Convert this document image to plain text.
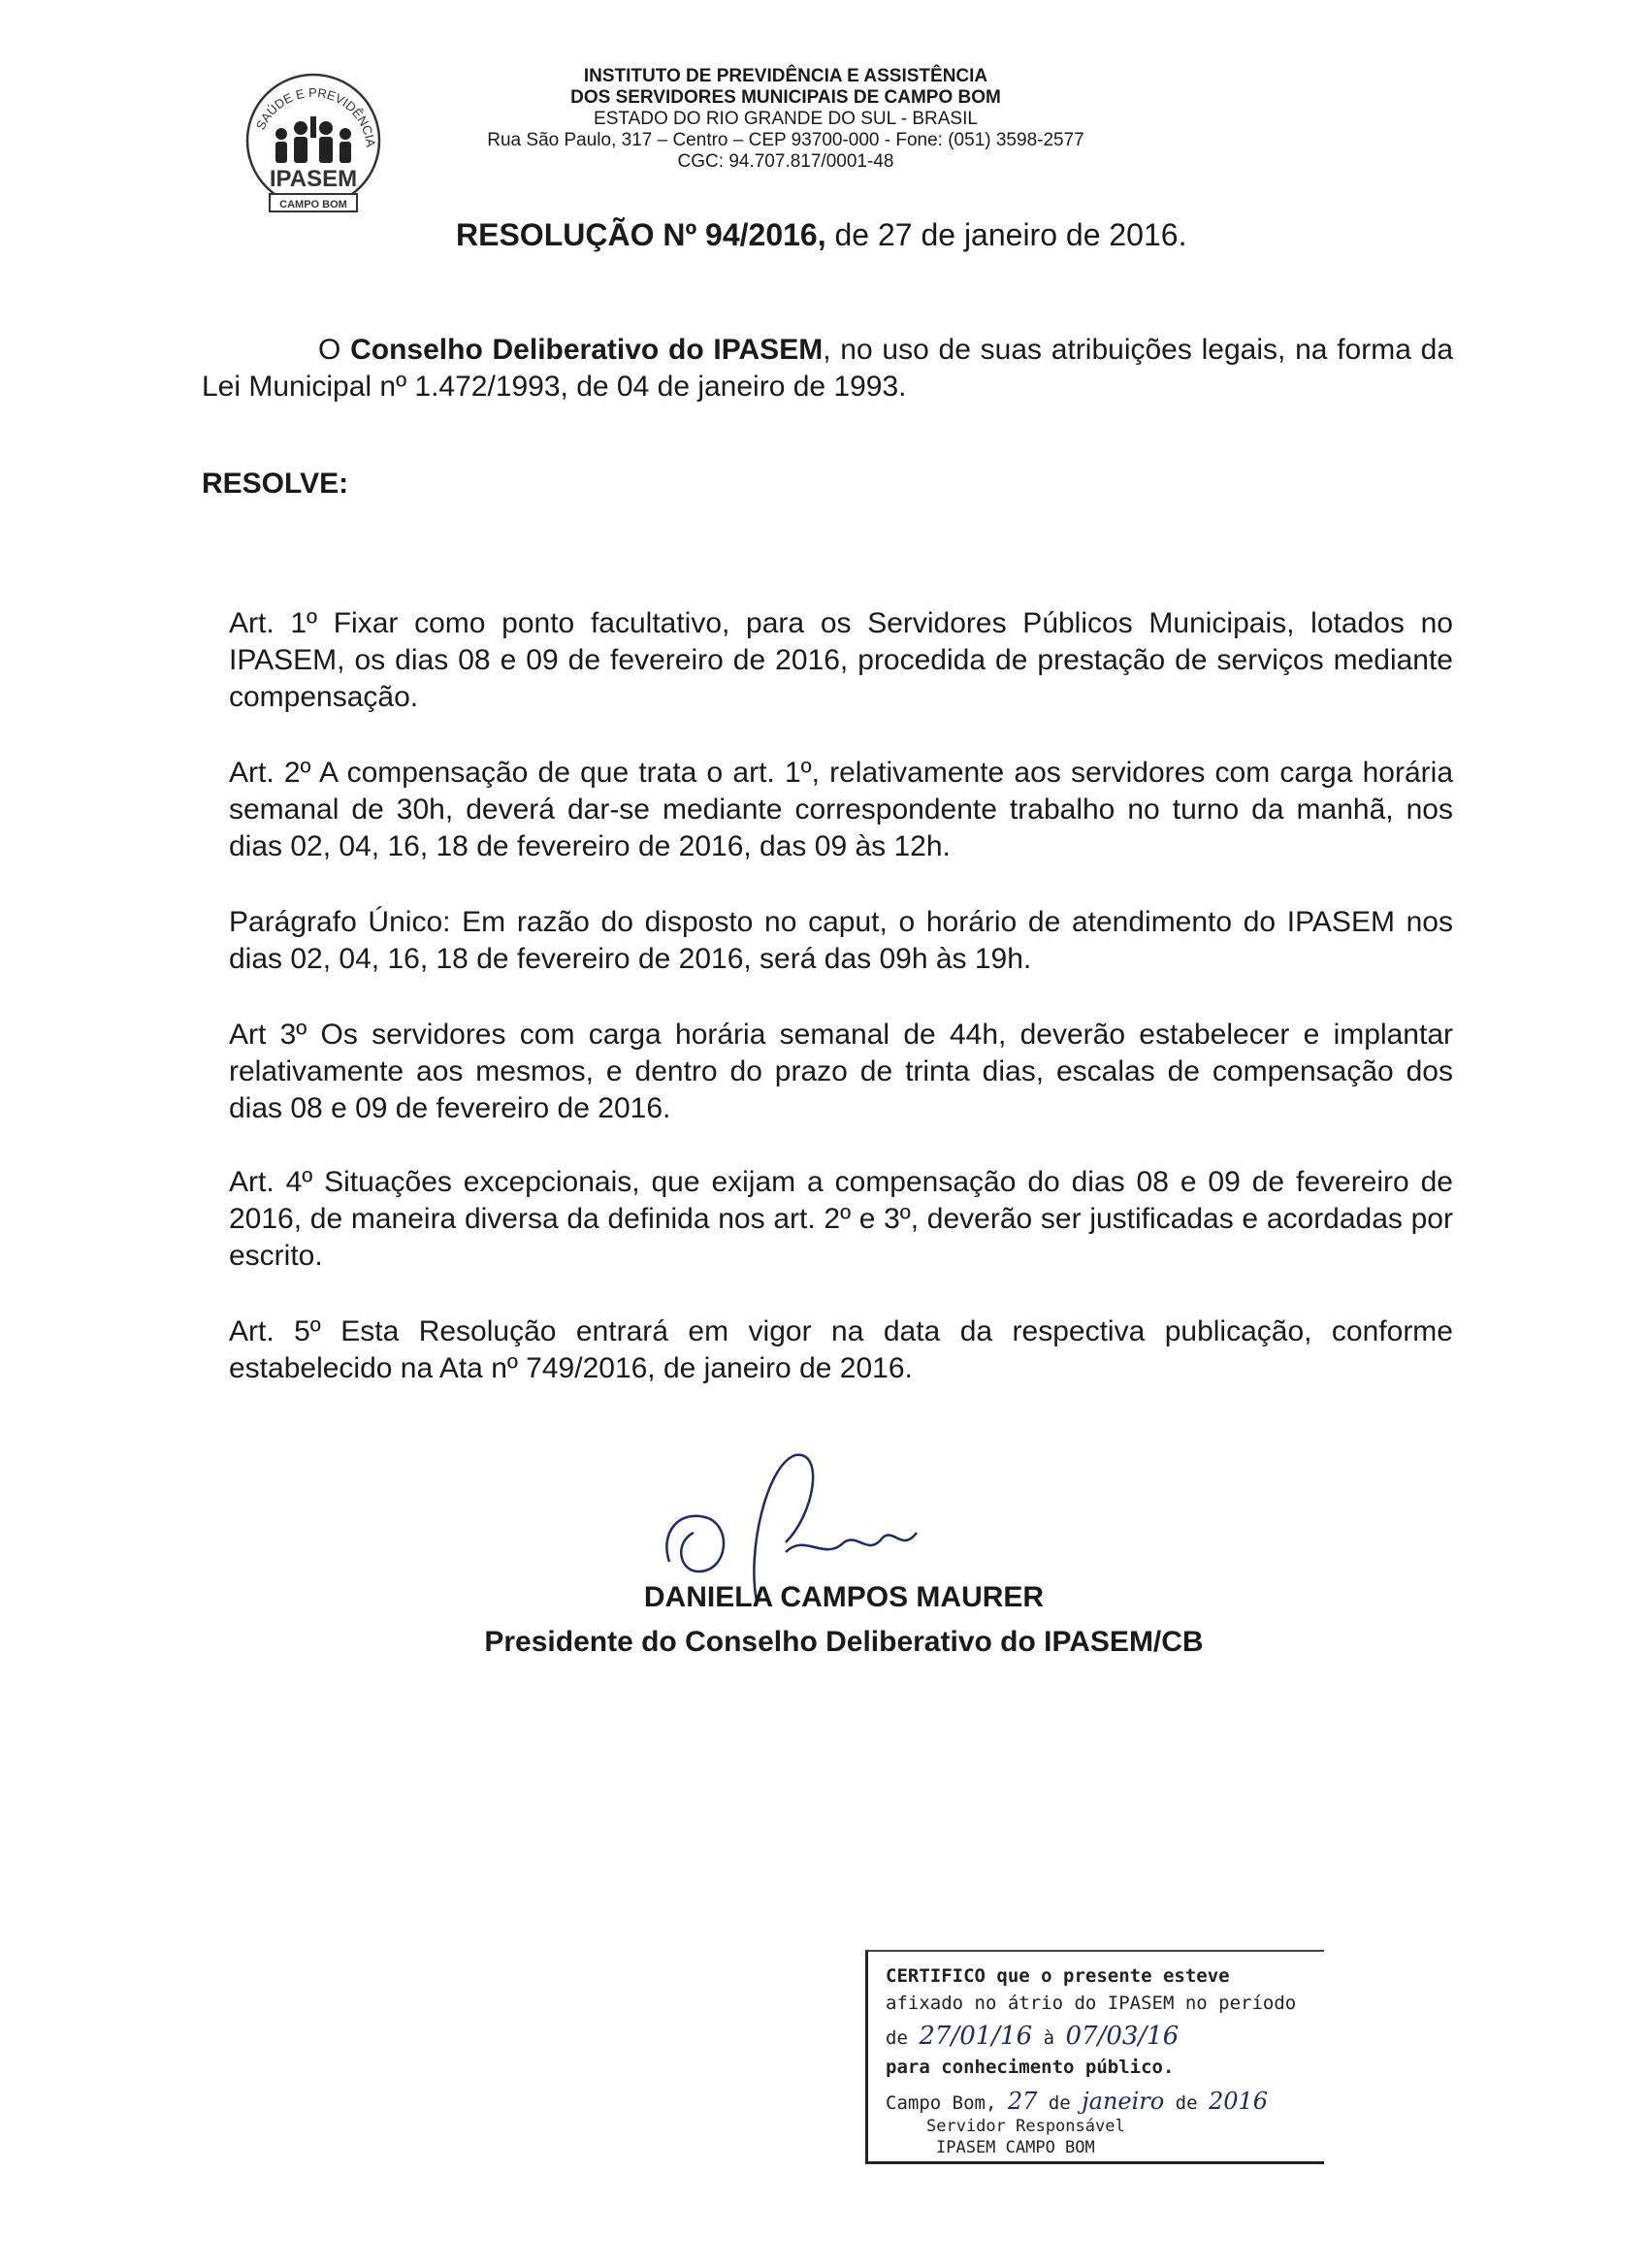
SAÚDE E PREVIDÊNCIA
IPASEM
CAMPO BOM
INSTITUTO DE PREVIDÊNCIA E ASSISTÊNCIA
DOS SERVIDORES MUNICIPAIS DE CAMPO BOM
ESTADO DO RIO GRANDE DO SUL - BRASIL
Rua São Paulo, 317 – Centro – CEP 93700-000 - Fone: (051) 3598-2577
CGC: 94.707.817/0001-48
RESOLUÇÃO Nº 94/2016, de 27 de janeiro de 2016.
O Conselho Deliberativo do IPASEM, no uso de suas atribuições legais, na forma da Lei Municipal nº 1.472/1993, de 04 de janeiro de 1993.
RESOLVE:
Art. 1º Fixar como ponto facultativo, para os Servidores Públicos Municipais, lotados no IPASEM, os dias 08 e 09 de fevereiro de 2016, procedida de prestação de serviços mediante compensação.
Art. 2º A compensação de que trata o art. 1º, relativamente aos servidores com carga horária semanal de 30h, deverá dar-se mediante correspondente trabalho no turno da manhã, nos dias 02, 04, 16, 18 de fevereiro de 2016, das 09 às 12h.
Parágrafo Único: Em razão do disposto no caput, o horário de atendimento do IPASEM nos dias 02, 04, 16, 18 de fevereiro de 2016, será das 09h às 19h.
Art 3º Os servidores com carga horária semanal de 44h, deverão estabelecer e implantar relativamente aos mesmos, e dentro do prazo de trinta dias, escalas de compensação dos dias 08 e 09 de fevereiro de 2016.
Art. 4º Situações excepcionais, que exijam a compensação do dias 08 e 09 de fevereiro de 2016, de maneira diversa da definida nos art. 2º e 3º, deverão ser justificadas e acordadas por escrito.
Art. 5º Esta Resolução entrará em vigor na data da respectiva publicação, conforme estabelecido na Ata nº 749/2016, de janeiro de 2016.
DANIELA CAMPOS MAURER
Presidente do Conselho Deliberativo do IPASEM/CB
CERTIFICO que o presente esteve
afixado no átrio do IPASEM no período
de 27/01/16 à 07/03/16
para conhecimento público.
Campo Bom, 27 de janeiro de 2016
Servidor Responsável
IPASEM CAMPO BOM
